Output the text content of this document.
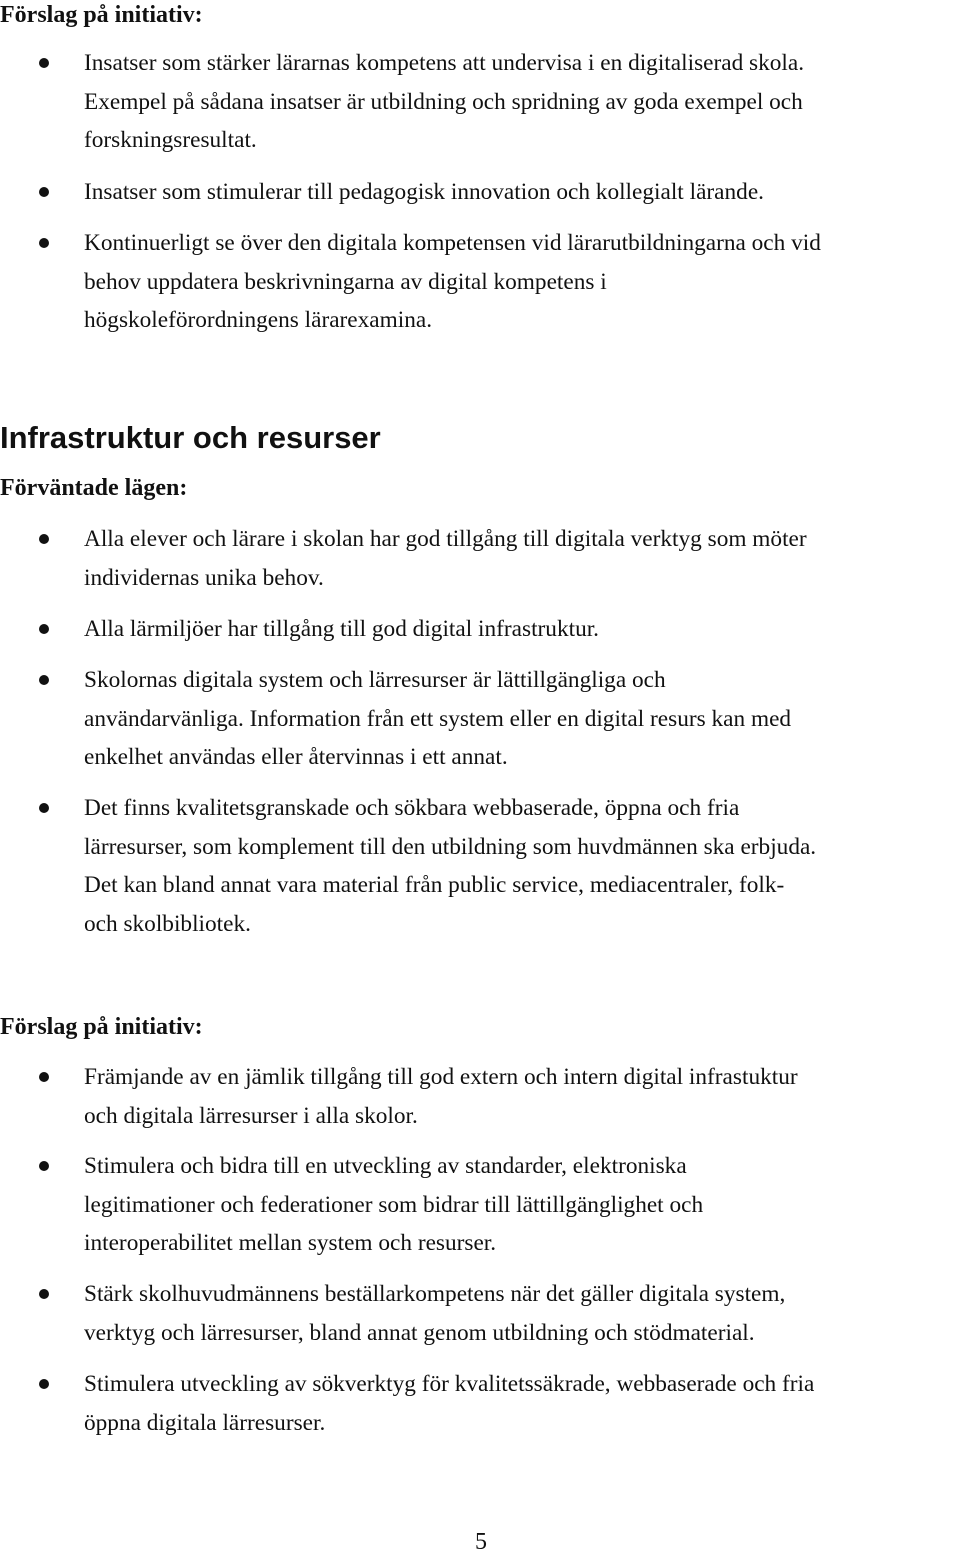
Förslag på initiativ:
Insatser som stärker lärarnas kompetens att undervisa i en digitaliserad skola.
Exempel på sådana insatser är utbildning och spridning av goda exempel och
forskningsresultat.
Insatser som stimulerar till pedagogisk innovation och kollegialt lärande.
Kontinuerligt se över den digitala kompetensen vid lärarutbildningarna och vid
behov uppdatera beskrivningarna av digital kompetens i
högskoleförordningens lärarexamina.
Infrastruktur och resurser
Förväntade lägen:
Alla elever och lärare i skolan har god tillgång till digitala verktyg som möter
individernas unika behov.
Alla lärmiljöer har tillgång till god digital infrastruktur.
Skolornas digitala system och lärresurser är lättillgängliga och
användarvänliga. Information från ett system eller en digital resurs kan med
enkelhet användas eller återvinnas i ett annat.
Det finns kvalitetsgranskade och sökbara webbaserade, öppna och fria
lärresurser, som komplement till den utbildning som huvdmännen ska erbjuda.
Det kan bland annat vara material från public service, mediacentraler, folk-
och skolbibliotek.
Förslag på initiativ:
Främjande av en jämlik tillgång till god extern och intern digital infrastuktur
och digitala lärresurser i alla skolor.
Stimulera och bidra till en utveckling av standarder, elektroniska
legitimationer och federationer som bidrar till lättillgänglighet och
interoperabilitet mellan system och resurser.
Stärk skolhuvudmännens beställarkompetens när det gäller digitala system,
verktyg och lärresurser, bland annat genom utbildning och stödmaterial.
Stimulera utveckling av sökverktyg för kvalitetssäkrade, webbaserade och fria
öppna digitala lärresurser.
5
